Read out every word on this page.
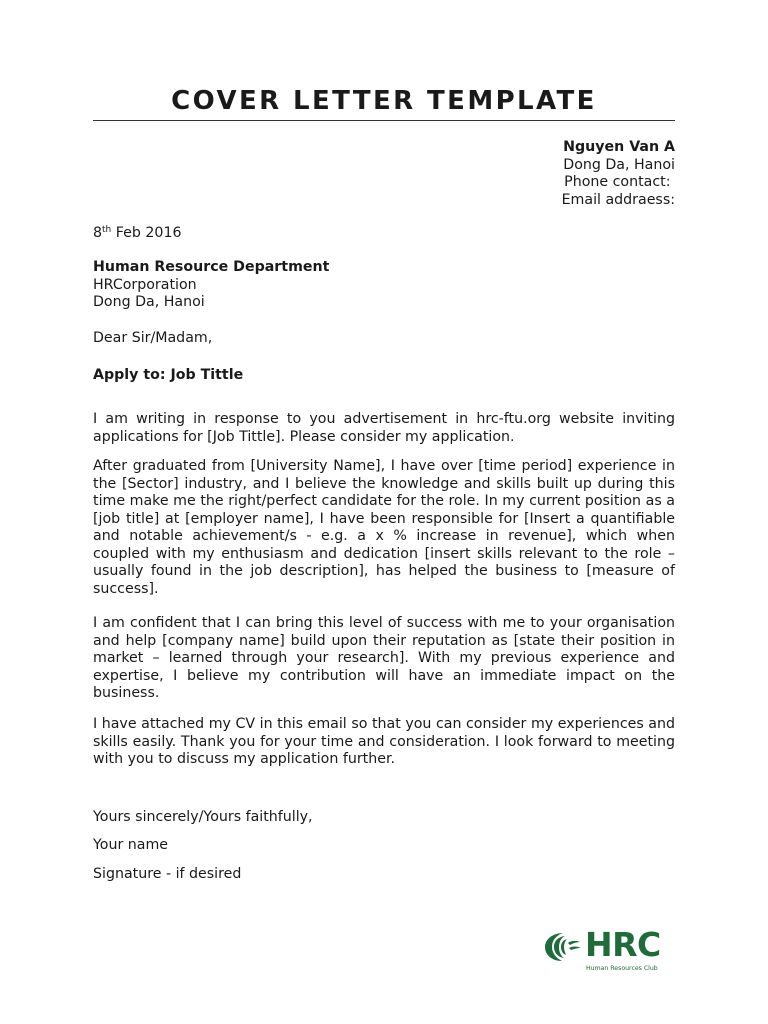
COVER LETTER TEMPLATE
Nguyen Van A
Dong Da, Hanoi
Phone contact:
Email addraess:
8th Feb 2016
Human Resource Department
HRCorporation
Dong Da, Hanoi
Dear Sir/Madam,
Apply to: Job Tittle
I am writing in response to you advertisement in hrc-ftu.org website inviting applications for [Job Tittle]. Please consider my application.
After graduated from [University Name], I have over [time period] experience in the [Sector] industry, and I believe the knowledge and skills built up during this time make me the right/perfect candidate for the role. In my current position as a [job title] at [employer name], I have been responsible for [Insert a quantifiable and notable achievement/s - e.g. a x % increase in revenue], which when coupled with my enthusiasm and dedication [insert skills relevant to the role – usually found in the job description], has helped the business to [measure of success].
I am confident that I can bring this level of success with me to your organisation and help [company name] build upon their reputation as [state their position in market – learned through your research]. With my previous experience and expertise, I believe my contribution will have an immediate impact on the business.
I have attached my CV in this email so that you can consider my experiences and skills easily. Thank you for your time and consideration. I look forward to meeting with you to discuss my application further.
Yours sincerely/Yours faithfully,
Your name
Signature - if desired
HRC
Human Resources Club
